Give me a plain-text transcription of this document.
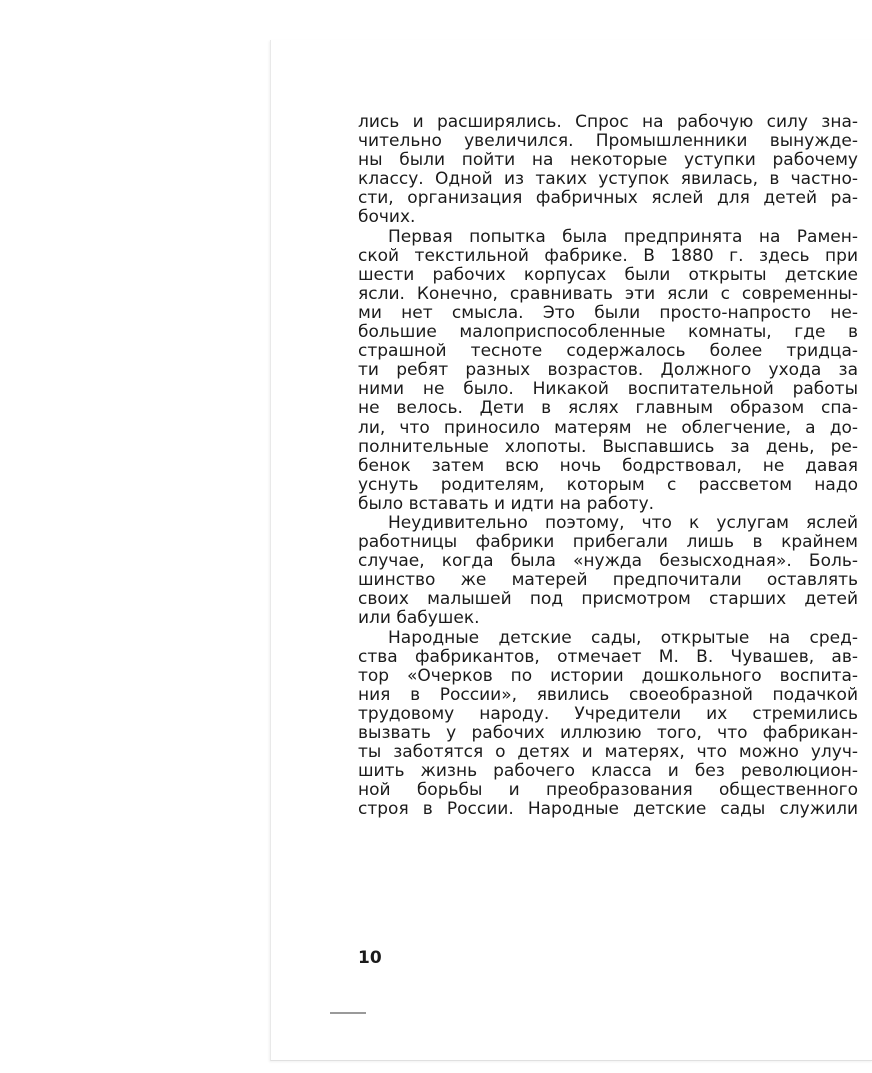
лись и расширялись. Спрос на рабочую силу зна-
чительно увеличился. Промышленники вынужде-
ны были пойти на некоторые уступки рабочему
классу. Одной из таких уступок явилась, в частно-
сти, организация фабричных яслей для детей ра-
бочих.
Первая попытка была предпринята на Рамен-
ской текстильной фабрике. В 1880 г. здесь при
шести рабочих корпусах были открыты детские
ясли. Конечно, сравнивать эти ясли с современны-
ми нет смысла. Это были просто-напросто не-
большие малоприспособленные комнаты, где в
страшной тесноте содержалось более тридца-
ти ребят разных возрастов. Должного ухода за
ними не было. Никакой воспитательной работы
не велось. Дети в яслях главным образом спа-
ли, что приносило матерям не облегчение, а до-
полнительные хлопоты. Выспавшись за день, ре-
бенок затем всю ночь бодрствовал, не давая
уснуть родителям, которым с рассветом надо
было вставать и идти на работу.
Неудивительно поэтому, что к услугам яслей
работницы фабрики прибегали лишь в крайнем
случае, когда была «нужда безысходная». Боль-
шинство же матерей предпочитали оставлять
своих малышей под присмотром старших детей
или бабушек.
Народные детские сады, открытые на сред-
ства фабрикантов, отмечает М. В. Чувашев, ав-
тор «Очерков по истории дошкольного воспита-
ния в России», явились своеобразной подачкой
трудовому народу. Учредители их стремились
вызвать у рабочих иллюзию того, что фабрикан-
ты заботятся о детях и матерях, что можно улуч-
шить жизнь рабочего класса и без революцион-
ной борьбы и преобразования общественного
строя в России. Народные детские сады служили
10
